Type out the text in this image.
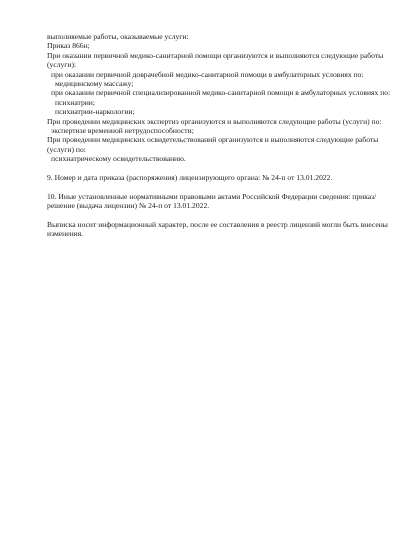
выполняемые работы, оказываемые услуги:

Приказ 866н;

При оказании первичной медико-санитарной помощи организуются и выполняются следующие работы (услуги):

при оказании первичной доврачебной медико-санитарной помощи в амбулаторных условиях по:

медицинскому массажу;

при оказании первичной специализированной медико-санитарной помощи в амбулаторных условиях по:

психиатрии;

психиатрии-наркологии;

При проведении медицинских экспертиз организуются и выполняются следующие работы (услуги) по:

экспертизе временной нетрудоспособности;

При проведении медицинских освидетельствований организуются и выполняются следующие работы (услуги) по:

психиатрическому освидетельствованию.

9. Номер и дата приказа (распоряжения) лицензирующего органа: № 24-п от 13.01.2022.

10. Иные установленные нормативными правовыми актами Российской Федерации сведения: приказ/решение (выдача лицензии) № 24-п от 13.01.2022.

Выписка носит информационный характер, после ее составления в реестр лицензий могли быть внесены изменения.
